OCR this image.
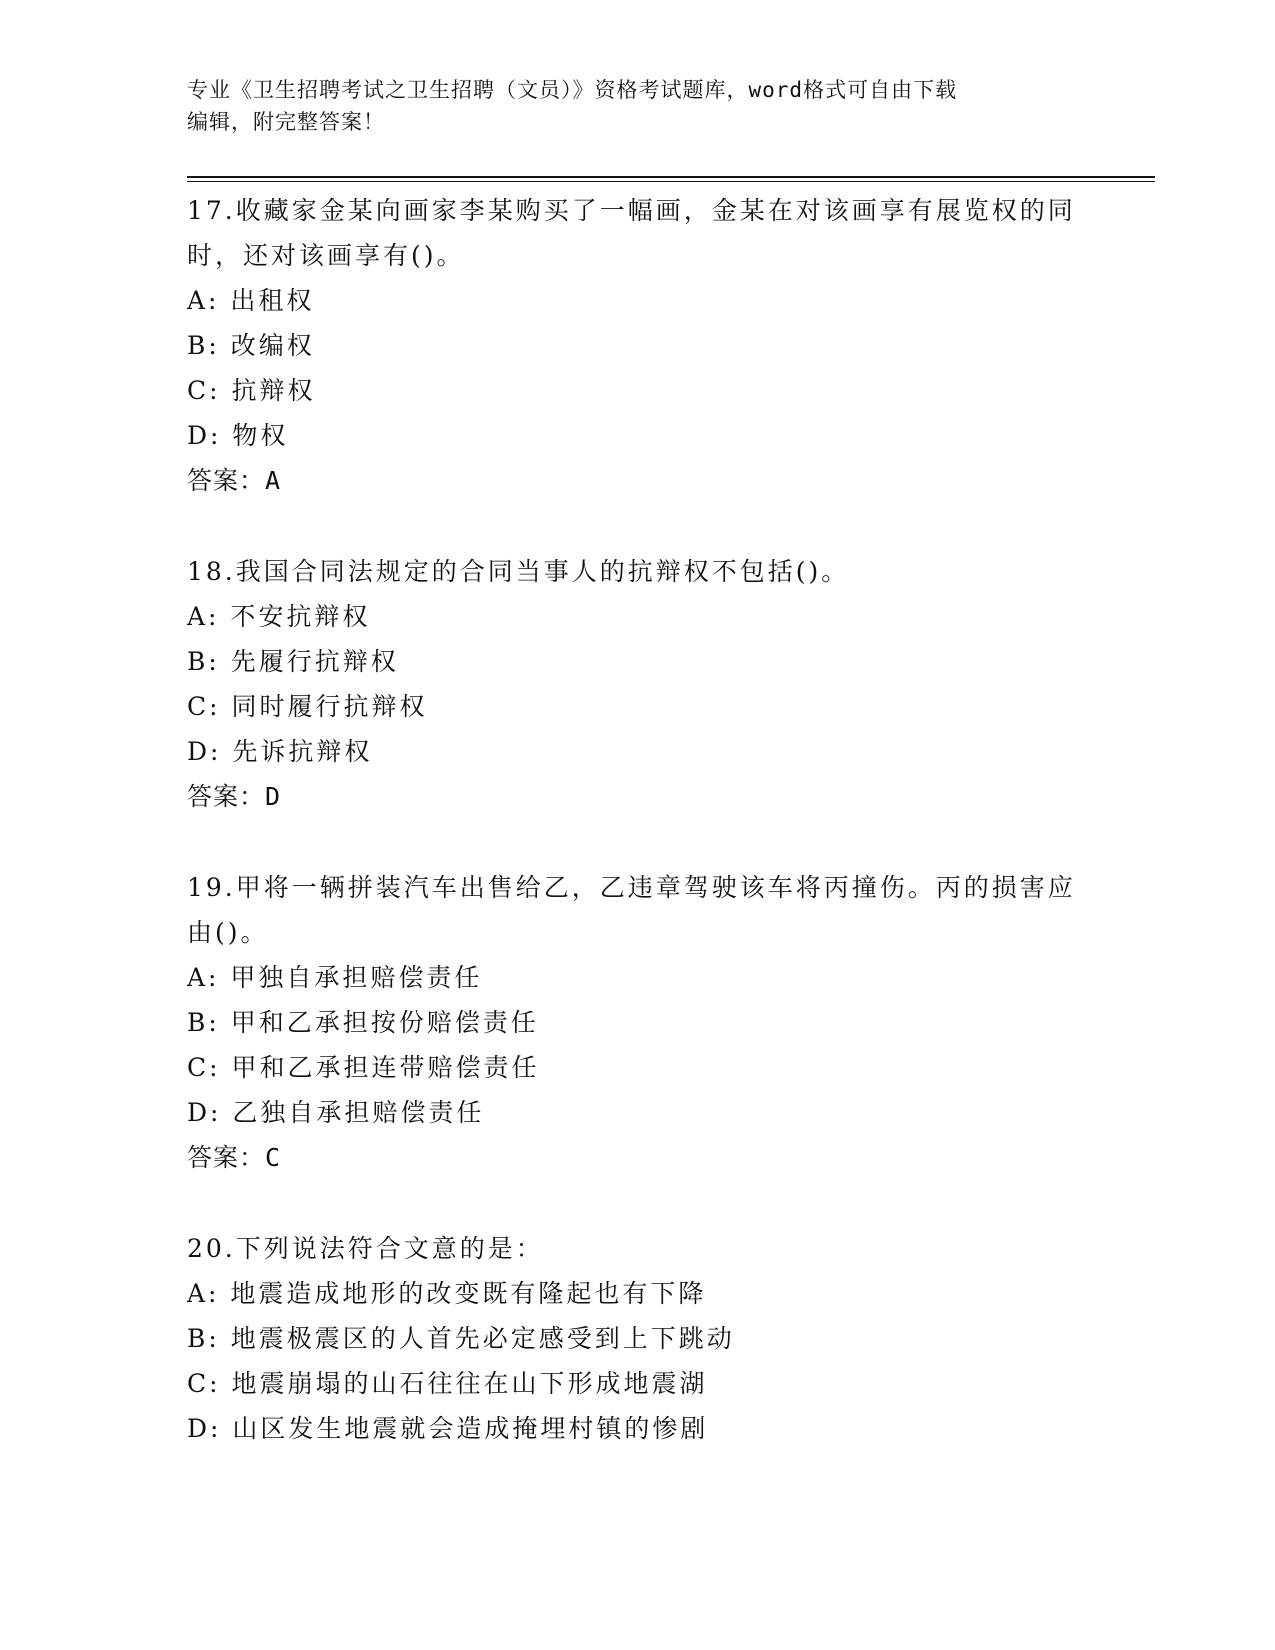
专业《卫生招聘考试之卫生招聘（文员）》资格考试题库，word格式可自由下载
编辑，附完整答案！
17.收藏家金某向画家李某购买了一幅画，金某在对该画享有展览权的同时，还对该画享有()。
A: 出租权
B: 改编权
C: 抗辩权
D: 物权
答案：A
18.我国合同法规定的合同当事人的抗辩权不包括()。
A: 不安抗辩权
B: 先履行抗辩权
C: 同时履行抗辩权
D: 先诉抗辩权
答案：D
19.甲将一辆拼装汽车出售给乙，乙违章驾驶该车将丙撞伤。丙的损害应由()。
A: 甲独自承担赔偿责任
B: 甲和乙承担按份赔偿责任
C: 甲和乙承担连带赔偿责任
D: 乙独自承担赔偿责任
答案：C
20.下列说法符合文意的是：
A: 地震造成地形的改变既有隆起也有下降
B: 地震极震区的人首先必定感受到上下跳动
C: 地震崩塌的山石往往在山下形成地震湖
D: 山区发生地震就会造成掩埋村镇的惨剧
